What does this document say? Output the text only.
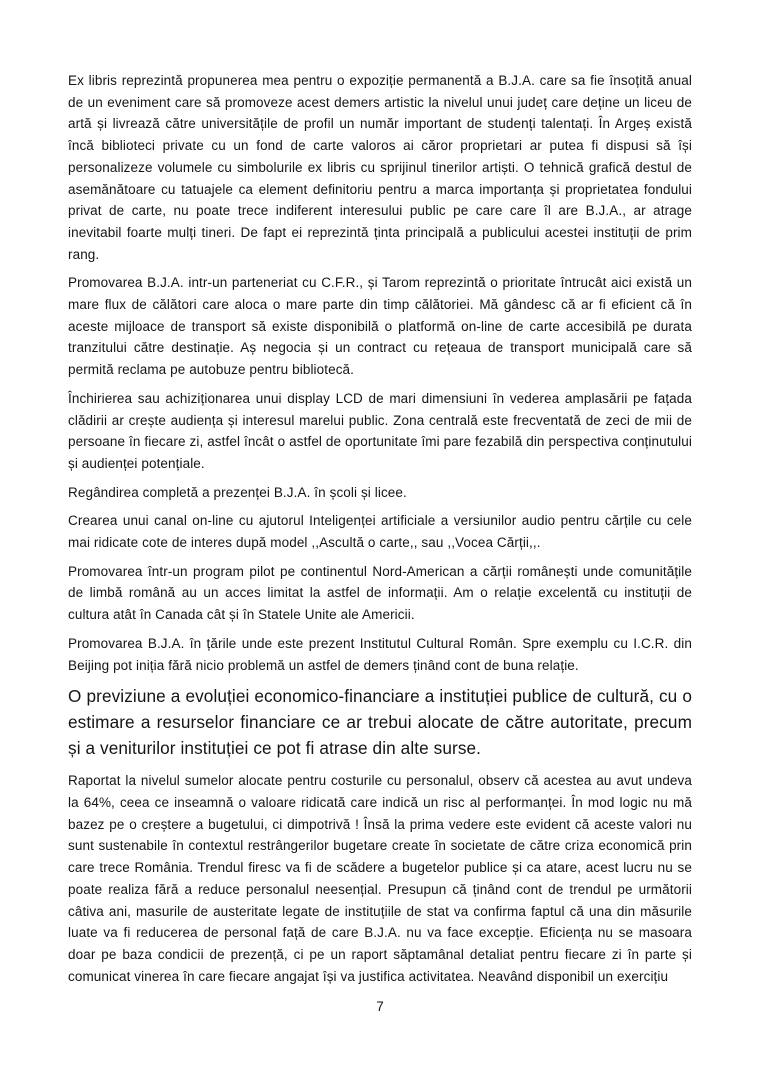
Ex libris reprezintă propunerea mea pentru o expoziție permanentă a B.J.A. care sa fie însoțită anual de un eveniment care să promoveze acest demers artistic la nivelul unui județ care deține un liceu de artă și livrează către universitățile de profil un număr important de studenți talentați. În Argeș există încă biblioteci private cu un fond de carte valoros ai căror proprietari ar putea fi dispusi să își personalizeze volumele cu simbolurile ex libris cu sprijinul tinerilor artiști. O tehnică grafică destul de asemănătoare cu tatuajele ca element definitoriu pentru a marca importanța și proprietatea fondului privat de carte, nu poate trece indiferent interesului public pe care care îl are B.J.A., ar atrage inevitabil foarte mulți tineri. De fapt ei reprezintă ținta principală a publicului acestei instituții de prim rang.

Promovarea B.J.A. intr-un parteneriat cu C.F.R., și Tarom reprezintă o prioritate întrucât aici există un mare flux de călători care aloca o mare parte din timp călătoriei. Mă gândesc că ar fi eficient că în aceste mijloace de transport să existe disponibilă o platformă on-line de carte accesibilă pe durata tranzitului către destinație. Aș negocia și un contract cu rețeaua de transport municipală care să permită reclama pe autobuze pentru bibliotecă.

Închirierea sau achiziționarea unui display LCD de mari dimensiuni în vederea amplasării pe fațada clădirii ar crește audiența și interesul marelui public. Zona centrală este frecventată de zeci de mii de persoane în fiecare zi, astfel încât o astfel de oportunitate îmi pare fezabilă din perspectiva conținutului și audienței potențiale.

Regândirea completă a prezenței B.J.A. în școli și licee.

Crearea unui canal on-line cu ajutorul Inteligenței artificiale a versiunilor audio pentru cărțile cu cele mai ridicate cote de interes după model ,,Ascultă o carte,, sau ,,Vocea Cărții,,.

Promovarea într-un program pilot pe continentul Nord-American a cărții românești unde comunitățile de limbă română au un acces limitat la astfel de informații. Am o relație excelentă cu instituții de cultura atât în Canada cât și în Statele Unite ale Americii.

Promovarea B.J.A. în țările unde este prezent Institutul Cultural Român. Spre exemplu cu I.C.R. din Beijing pot iniția fără nicio problemă un astfel de demers ținând cont de buna relație.

O previziune a evoluției economico-financiare a instituției publice de cultură, cu o estimare a resurselor financiare ce ar trebui alocate de către autoritate, precum și a veniturilor instituției ce pot fi atrase din alte surse.

Raportat la nivelul sumelor alocate pentru costurile cu personalul, observ că acestea au avut undeva la 64%, ceea ce inseamnă o valoare ridicată care indică un risc al performanței. În mod logic nu mă bazez pe o creștere a bugetului, ci dimpotrivă ! Însă la prima vedere este evident că aceste valori nu sunt sustenabile în contextul restrângerilor bugetare create în societate de către criza economică prin care trece România. Trendul firesc va fi de scădere a bugetelor publice și ca atare, acest lucru nu se poate realiza fără a reduce personalul neesențial. Presupun că ținând cont de trendul pe următorii câtiva ani, masurile de austeritate legate de instituțiile de stat va confirma faptul că una din măsurile luate va fi reducerea de personal față de care B.J.A. nu va face excepție. Eficiența nu se masoara doar pe baza condicii de prezență, ci pe un raport săptamânal detaliat pentru fiecare zi în parte și comunicat vinerea în care fiecare angajat își va justifica activitatea. Neavând disponibil un exercițiu

7
